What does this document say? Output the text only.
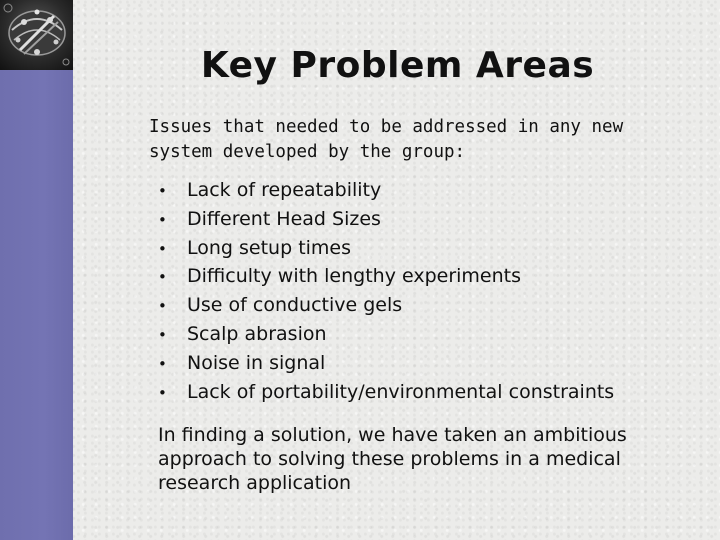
Key Problem Areas
Issues that needed to be addressed in any new system developed by the group:
• Lack of repeatability
• Different Head Sizes
• Long setup times
• Difficulty with lengthy experiments
• Use of conductive gels
• Scalp abrasion
• Noise in signal
• Lack of portability/environmental constraints
In finding a solution, we have taken an ambitious approach to solving these problems in a medical research application
